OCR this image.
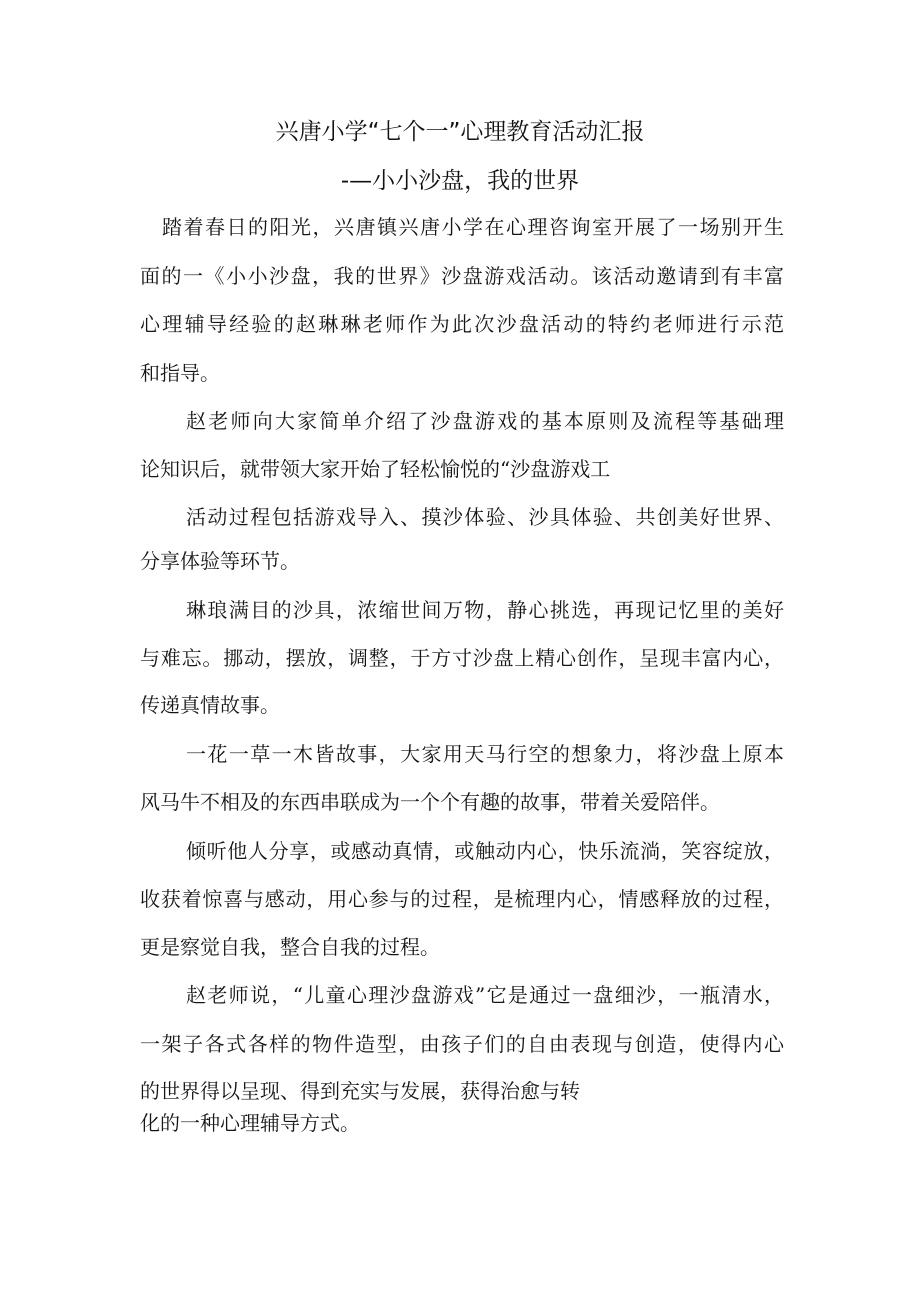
兴唐小学“七个一”心理教育活动汇报
-—小小沙盘，我的世界
踏着春日的阳光，兴唐镇兴唐小学在心理咨询室开展了一场别开生
面的一《小小沙盘，我的世界》沙盘游戏活动。该活动邀请到有丰富
心理辅导经验的赵琳琳老师作为此次沙盘活动的特约老师进行示范
和指导。
赵老师向大家简单介绍了沙盘游戏的基本原则及流程等基础理
论知识后，就带领大家开始了轻松愉悦的“沙盘游戏工
活动过程包括游戏导入、摸沙体验、沙具体验、共创美好世界、
分享体验等环节。
琳琅满目的沙具，浓缩世间万物，静心挑选，再现记忆里的美好
与难忘。挪动，摆放，调整，于方寸沙盘上精心创作，呈现丰富内心，
传递真情故事。
一花一草一木皆故事，大家用天马行空的想象力，将沙盘上原本
风马牛不相及的东西串联成为一个个有趣的故事，带着关爱陪伴。
倾听他人分享，或感动真情，或触动内心，快乐流淌，笑容绽放，
收获着惊喜与感动，用心参与的过程，是梳理内心，情感释放的过程，
更是察觉自我，整合自我的过程。
赵老师说，“儿童心理沙盘游戏”它是通过一盘细沙，一瓶清水，
一架子各式各样的物件造型，由孩子们的自由表现与创造，使得内心
的世界得以呈现、得到充实与发展，获得治愈与转
化的一种心理辅导方式。
